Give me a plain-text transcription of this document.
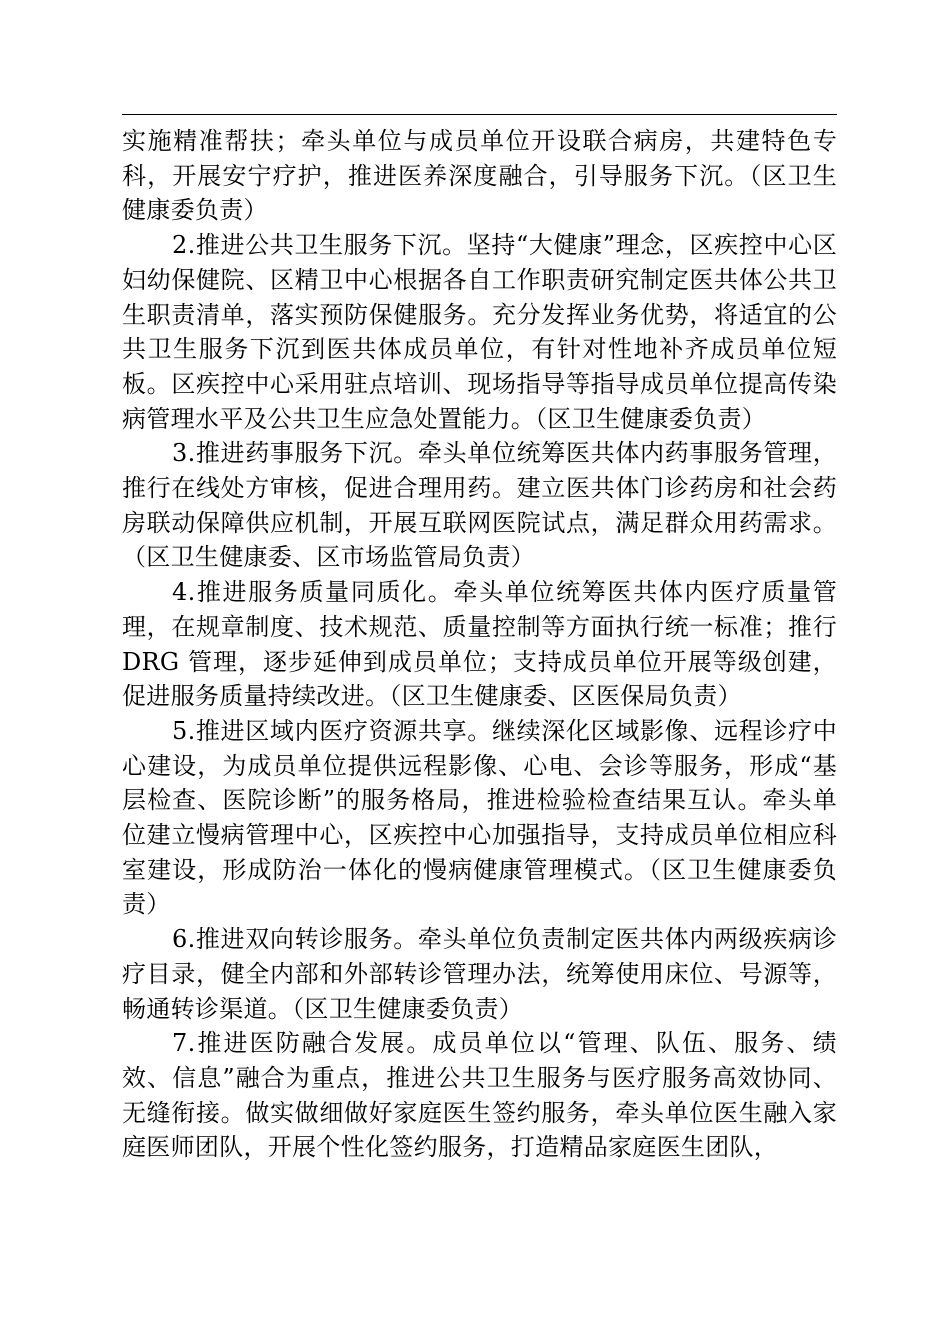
实施精准帮扶；牵头单位与成员单位开设联合病房，共建特色专科，开展安宁疗护，推进医养深度融合，引导服务下沉。（区卫生健康委负责）

2.推进公共卫生服务下沉。坚持“大健康”理念，区疾控中心区妇幼保健院、区精卫中心根据各自工作职责研究制定医共体公共卫生职责清单，落实预防保健服务。充分发挥业务优势，将适宜的公共卫生服务下沉到医共体成员单位，有针对性地补齐成员单位短板。区疾控中心采用驻点培训、现场指导等指导成员单位提高传染病管理水平及公共卫生应急处置能力。（区卫生健康委负责）

3.推进药事服务下沉。牵头单位统筹医共体内药事服务管理，推行在线处方审核，促进合理用药。建立医共体门诊药房和社会药房联动保障供应机制，开展互联网医院试点，满足群众用药需求。（区卫生健康委、区市场监管局负责）

4.推进服务质量同质化。牵头单位统筹医共体内医疗质量管理，在规章制度、技术规范、质量控制等方面执行统一标准；推行 DRG 管理，逐步延伸到成员单位；支持成员单位开展等级创建，促进服务质量持续改进。（区卫生健康委、区医保局负责）

5.推进区域内医疗资源共享。继续深化区域影像、远程诊疗中心建设，为成员单位提供远程影像、心电、会诊等服务，形成“基层检查、医院诊断”的服务格局，推进检验检查结果互认。牵头单位建立慢病管理中心，区疾控中心加强指导，支持成员单位相应科室建设，形成防治一体化的慢病健康管理模式。（区卫生健康委负责）

6.推进双向转诊服务。牵头单位负责制定医共体内两级疾病诊疗目录，健全内部和外部转诊管理办法，统筹使用床位、号源等，畅通转诊渠道。（区卫生健康委负责）

7.推进医防融合发展。成员单位以“管理、队伍、服务、绩效、信息”融合为重点，推进公共卫生服务与医疗服务高效协同、无缝衔接。做实做细做好家庭医生签约服务，牵头单位医生融入家庭医师团队，开展个性化签约服务，打造精品家庭医生团队，
